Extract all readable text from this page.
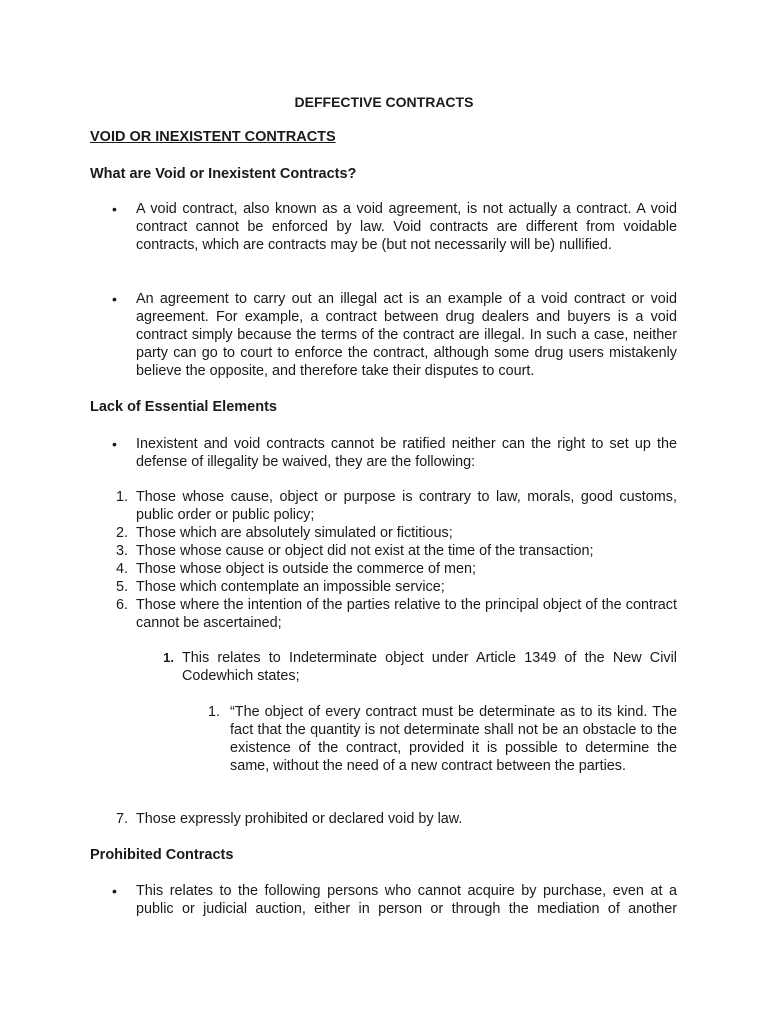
DEFFECTIVE CONTRACTS

VOID OR INEXISTENT CONTRACTS

What are Void or Inexistent Contracts?

• A void contract, also known as a void agreement, is not actually a contract. A void contract cannot be enforced by law. Void contracts are different from voidable contracts, which are contracts may be (but not necessarily will be) nullified.

• An agreement to carry out an illegal act is an example of a void contract or void agreement. For example, a contract between drug dealers and buyers is a void contract simply because the terms of the contract are illegal. In such a case, neither party can go to court to enforce the contract, although some drug users mistakenly believe the opposite, and therefore take their disputes to court.

Lack of Essential Elements

• Inexistent and void contracts cannot be ratified neither can the right to set up the defense of illegality be waived, they are the following:

1. Those whose cause, object or purpose is contrary to law, morals, good customs, public order or public policy;

2. Those which are absolutely simulated or fictitious;

3. Those whose cause or object did not exist at the time of the transaction;

4. Those whose object is outside the commerce of men;

5. Those which contemplate an impossible service;

6. Those where the intention of the parties relative to the principal object of the contract cannot be ascertained;

1. This relates to Indeterminate object under Article 1349 of the New Civil Codewhich states;

1. “The object of every contract must be determinate as to its kind. The fact that the quantity is not determinate shall not be an obstacle to the existence of the contract, provided it is possible to determine the same, without the need of a new contract between the parties.

7. Those expressly prohibited or declared void by law.

Prohibited Contracts

• This relates to the following persons who cannot acquire by purchase, even at a public or judicial auction, either in person or through the mediation of another
